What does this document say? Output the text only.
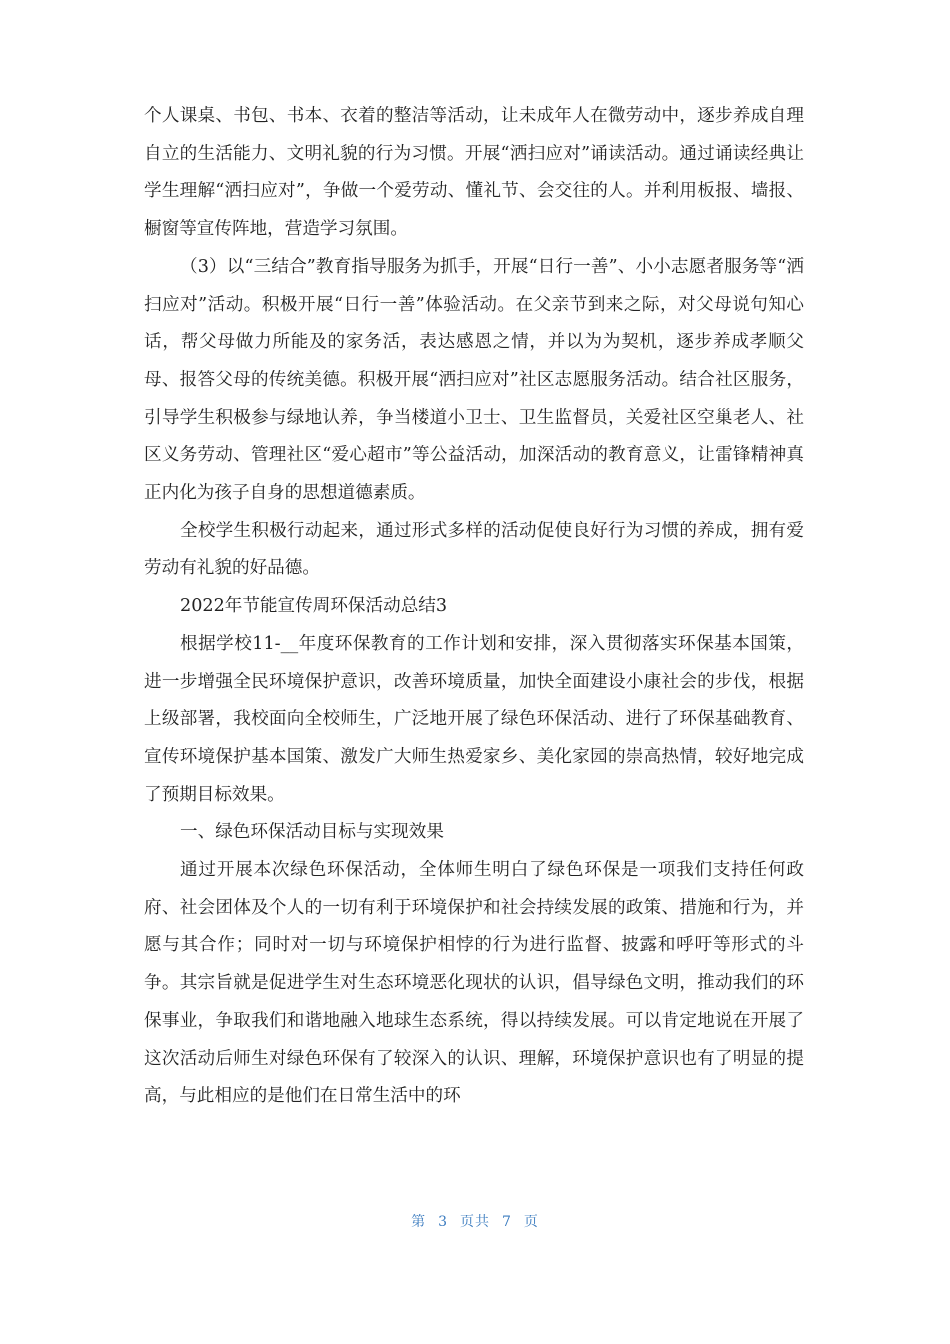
个人课桌、书包、书本、衣着的整洁等活动，让未成年人在微劳动中，逐步养成自理自立的生活能力、文明礼貌的行为习惯。开展“洒扫应对”诵读活动。通过诵读经典让学生理解“洒扫应对”，争做一个爱劳动、懂礼节、会交往的人。并利用板报、墙报、橱窗等宣传阵地，营造学习氛围。

（3）以“三结合”教育指导服务为抓手，开展“日行一善”、小小志愿者服务等“洒扫应对”活动。积极开展“日行一善”体验活动。在父亲节到来之际，对父母说句知心话，帮父母做力所能及的家务活，表达感恩之情，并以为为契机，逐步养成孝顺父母、报答父母的传统美德。积极开展“洒扫应对”社区志愿服务活动。结合社区服务，引导学生积极参与绿地认养，争当楼道小卫士、卫生监督员，关爱社区空巢老人、社区义务劳动、管理社区“爱心超市”等公益活动，加深活动的教育意义，让雷锋精神真正内化为孩子自身的思想道德素质。

全校学生积极行动起来，通过形式多样的活动促使良好行为习惯的养成，拥有爱劳动有礼貌的好品德。

2022年节能宣传周环保活动总结3

根据学校11-__年度环保教育的工作计划和安排，深入贯彻落实环保基本国策，进一步增强全民环境保护意识，改善环境质量，加快全面建设小康社会的步伐，根据上级部署，我校面向全校师生，广泛地开展了绿色环保活动、进行了环保基础教育、宣传环境保护基本国策、激发广大师生热爱家乡、美化家园的崇高热情，较好地完成了预期目标效果。

一、绿色环保活动目标与实现效果

通过开展本次绿色环保活动，全体师生明白了绿色环保是一项我们支持任何政府、社会团体及个人的一切有利于环境保护和社会持续发展的政策、措施和行为，并愿与其合作；同时对一切与环境保护相悖的行为进行监督、披露和呼吁等形式的斗争。其宗旨就是促进学生对生态环境恶化现状的认识，倡导绿色文明，推动我们的环保事业，争取我们和谐地融入地球生态系统，得以持续发展。可以肯定地说在开展了这次活动后师生对绿色环保有了较深入的认识、理解，环境保护意识也有了明显的提高，与此相应的是他们在日常生活中的环

第 3 页共 7 页
